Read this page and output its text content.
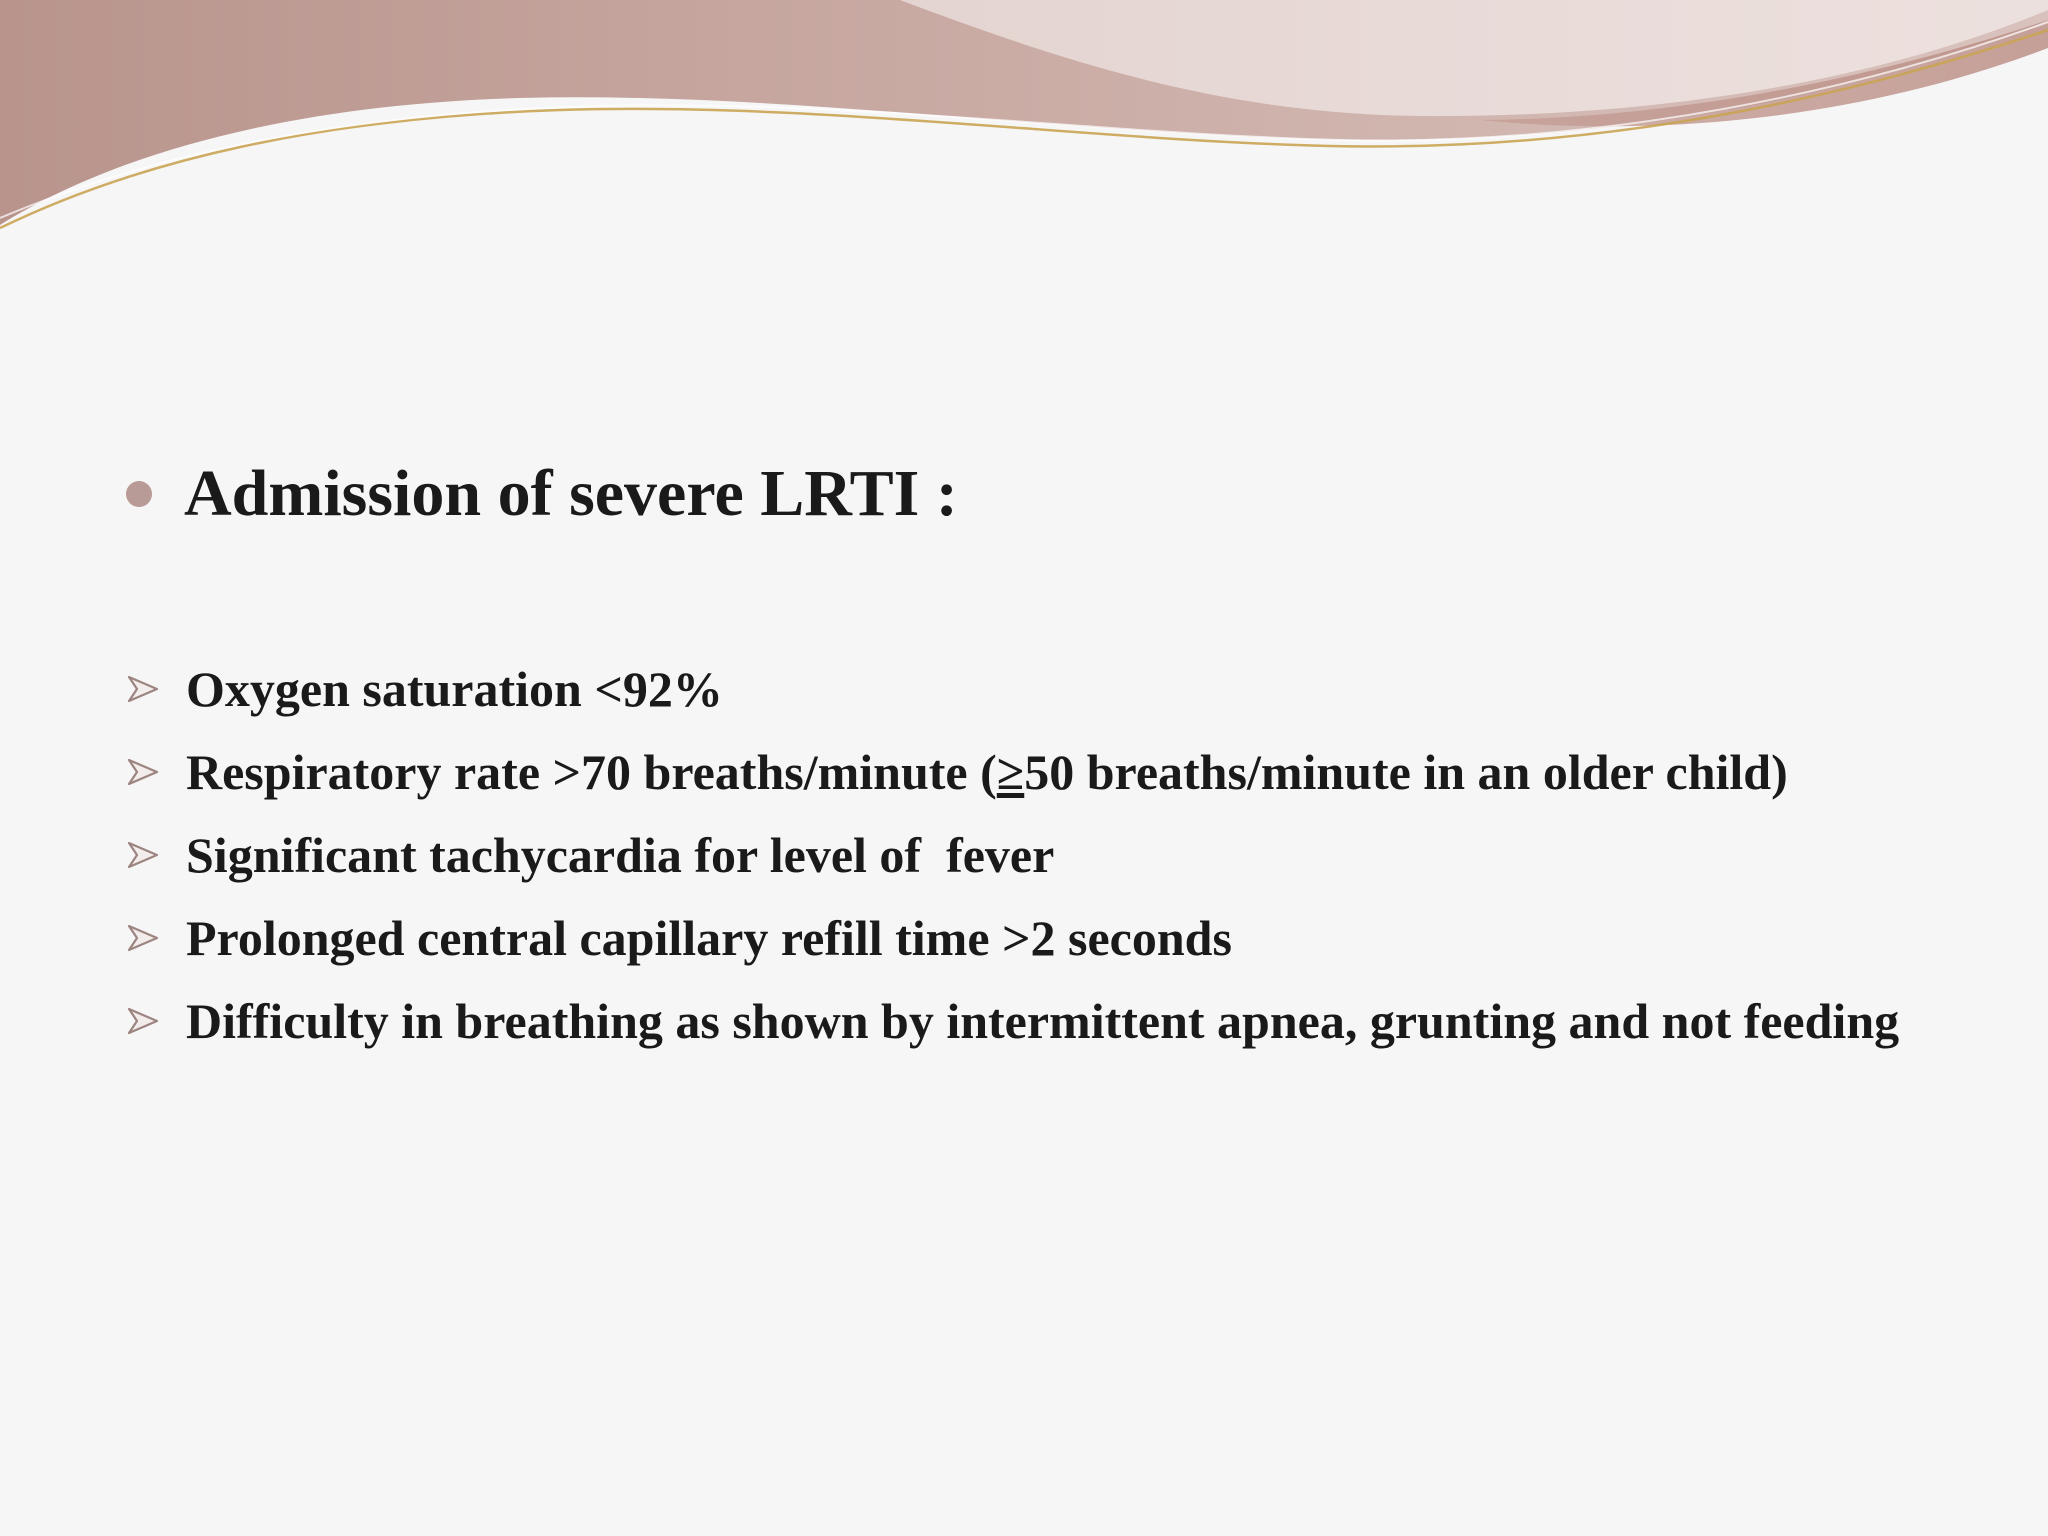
Admission of severe LRTI :
Oxygen saturation <92%
Respiratory rate >70 breaths/minute (≥50 breaths/minute in an older child)
Significant tachycardia for level of  fever
Prolonged central capillary refill time >2 seconds
Difficulty in breathing as shown by intermittent apnea, grunting and not feeding
